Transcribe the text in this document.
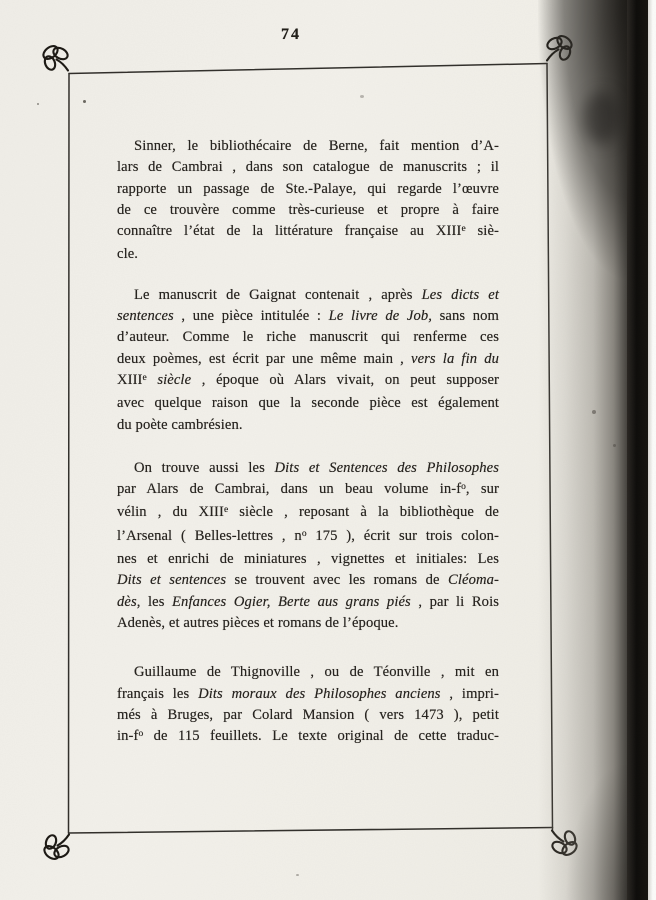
74
Sinner, le bibliothécaire de Berne, fait mention d’A-
lars de Cambrai , dans son catalogue de manuscrits ; il
rapporte un passage de Ste.-Palaye, qui regarde l’œuvre
de ce trouvère comme très-curieuse et propre à faire
connaître l’état de la littérature française au XIIIe siè-
cle.
Le manuscrit de Gaignat contenait , après Les dicts et
sentences , une pièce intitulée : Le livre de Job, sans nom
d’auteur. Comme le riche manuscrit qui renferme ces
deux poèmes, est écrit par une même main , vers la fin du
XIIIe siècle , époque où Alars vivait, on peut supposer
avec quelque raison que la seconde pièce est également
du poète cambrésien.
On trouve aussi les Dits et Sentences des Philosophes
par Alars de Cambrai, dans un beau volume $in-f^o$, sur
vélin , du XIIIe siècle , reposant à la bibliothèque de
l’Arsenal ( Belles-lettres , $n^o$ 175 ), écrit sur trois colon-
nes et enrichi de miniatures , vignettes et initiales: Les
Dits et sentences se trouvent avec les romans de Cléoma-
dès, les Enfances Ogier, Berte aus grans piés , par li Rois
Adenès, et autres pièces et romans de l’époque.
Guillaume de Thignoville , ou de Téonville , mit en
français les Dits moraux des Philosophes anciens , impri-
més à Bruges, par Colard Mansion ( vers 1473 ), petit
$in-f^o$ de 115 feuillets. Le texte original de cette traduc-
